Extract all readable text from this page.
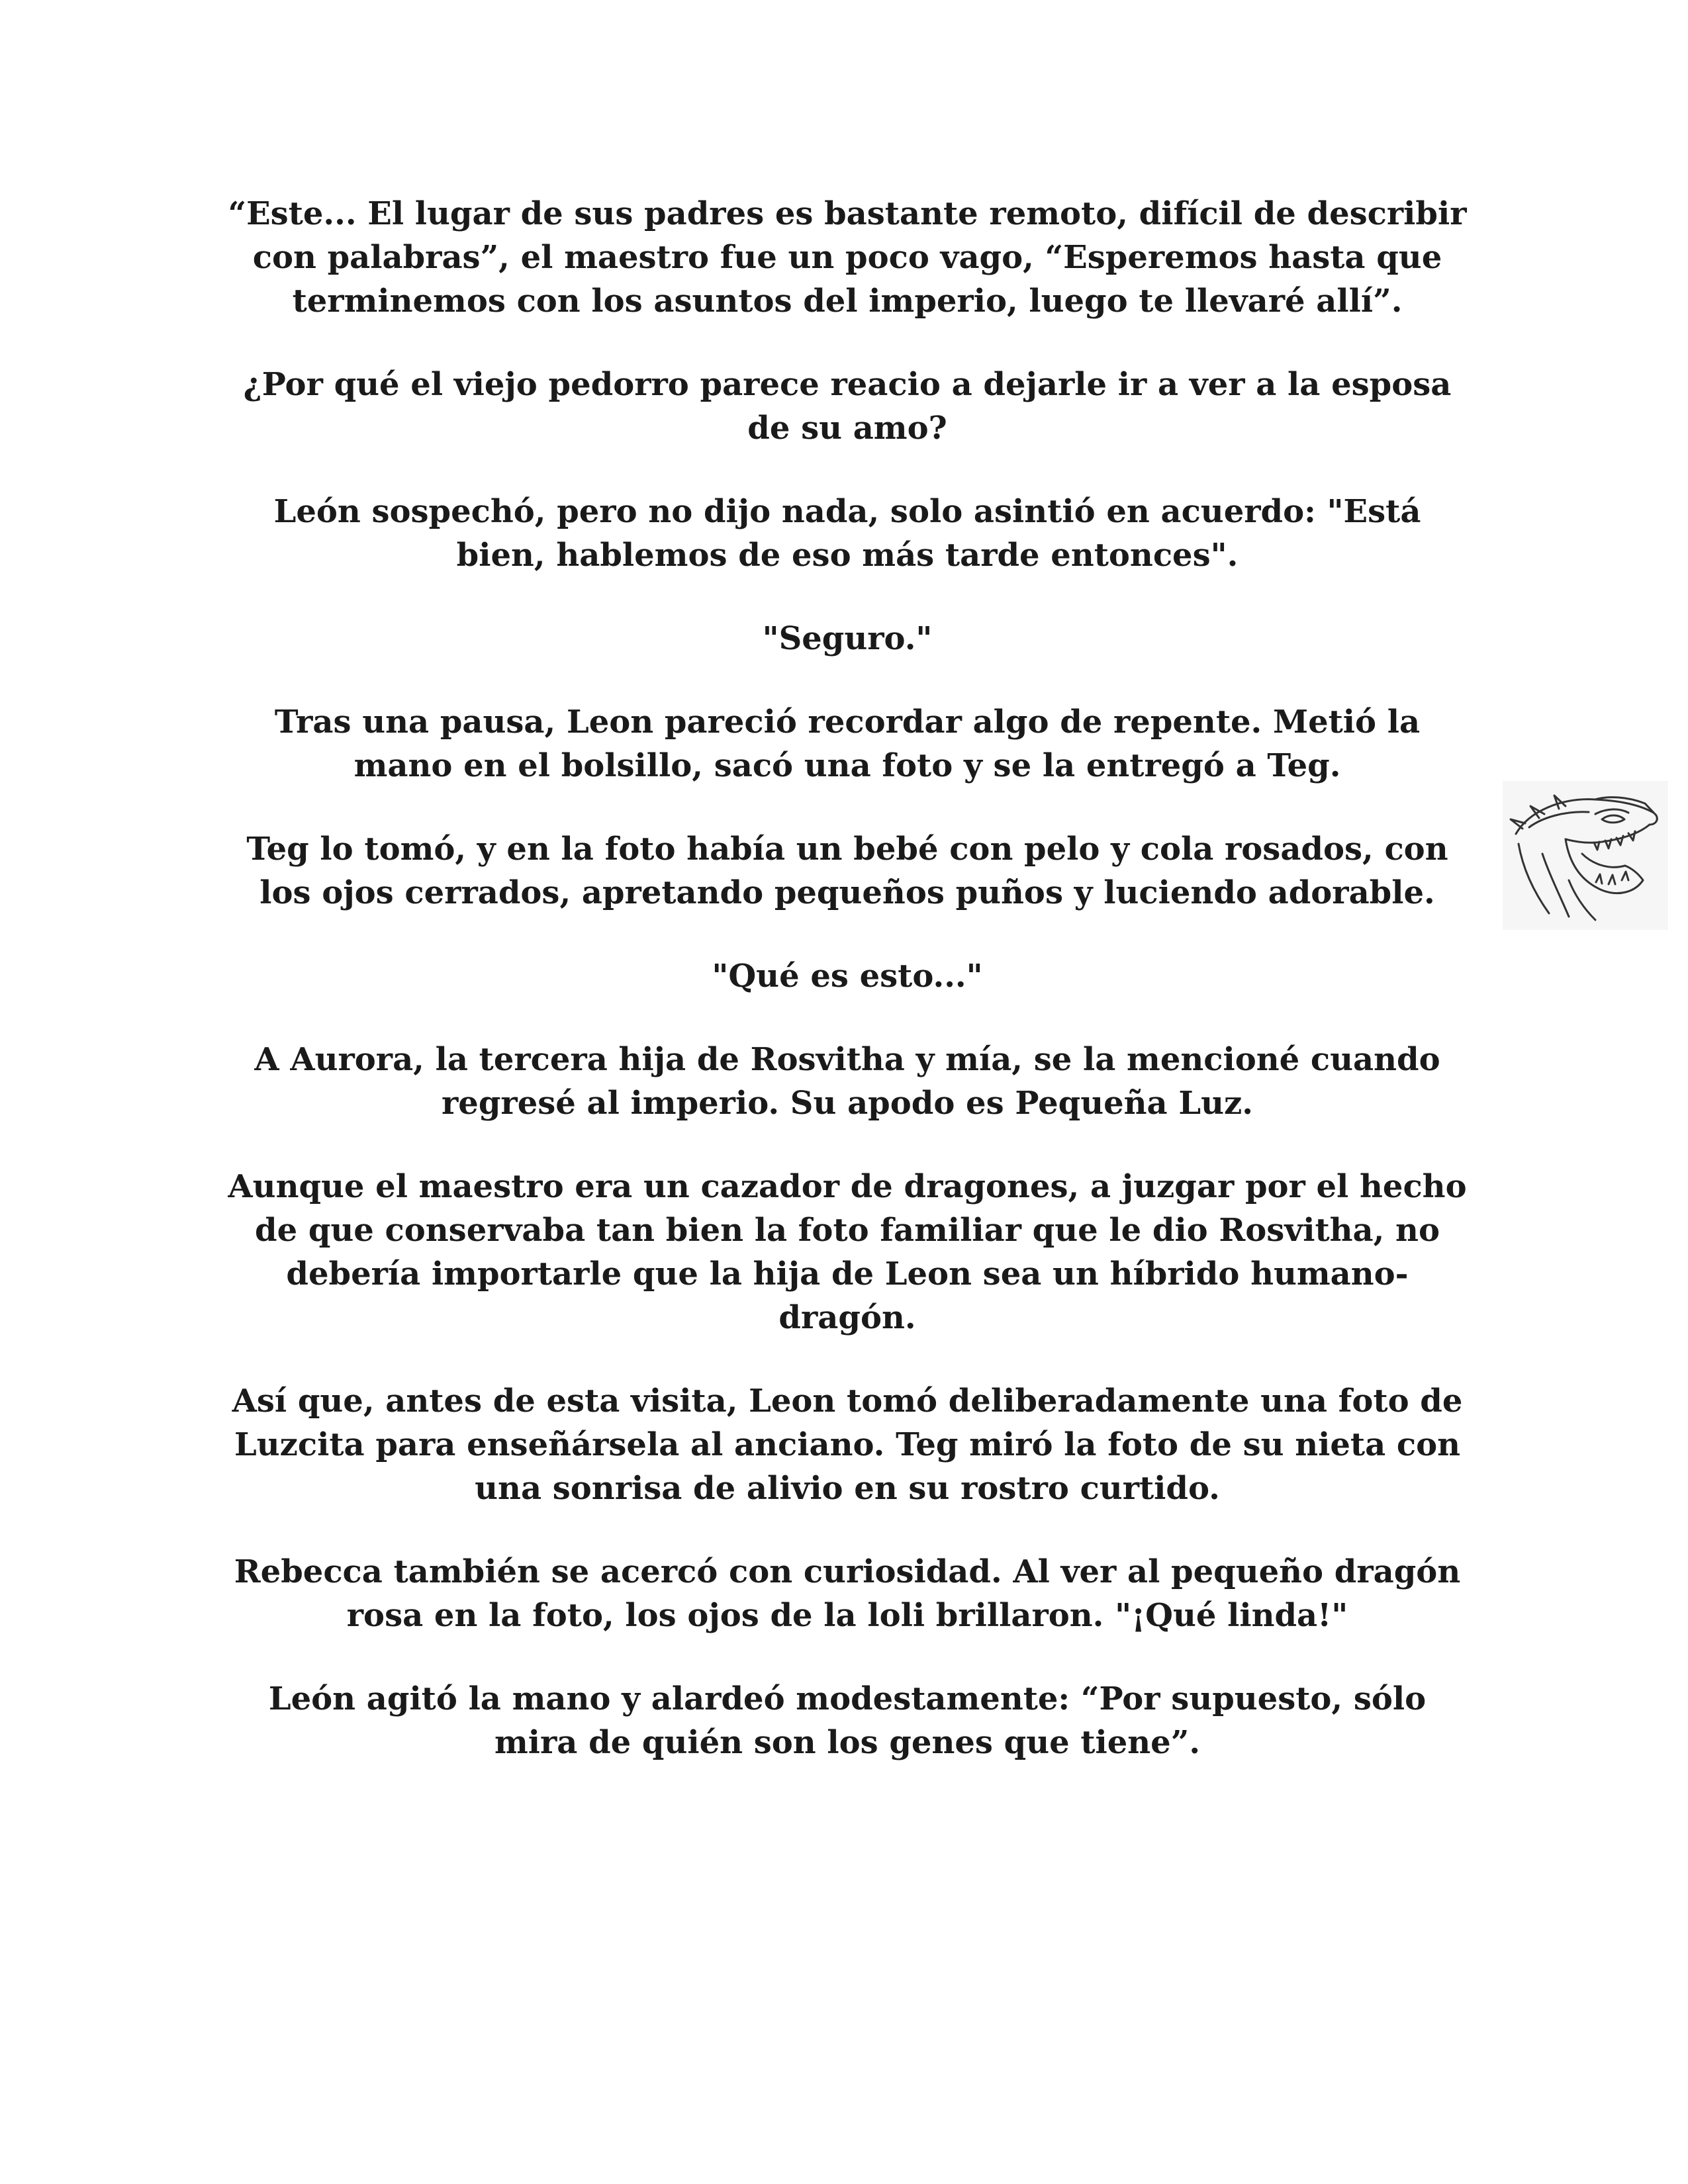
“Este... El lugar de sus padres es bastante remoto, difícil de describir con palabras”, el maestro fue un poco vago, “Esperemos hasta que terminemos con los asuntos del imperio, luego te llevaré allí”.

¿Por qué el viejo pedorro parece reacio a dejarle ir a ver a la esposa de su amo?

León sospechó, pero no dijo nada, solo asintió en acuerdo: "Está bien, hablemos de eso más tarde entonces".

"Seguro."

Tras una pausa, Leon pareció recordar algo de repente. Metió la mano en el bolsillo, sacó una foto y se la entregó a Teg.

Teg lo tomó, y en la foto había un bebé con pelo y cola rosados, con los ojos cerrados, apretando pequeños puños y luciendo adorable.

"Qué es esto..."

A Aurora, la tercera hija de Rosvitha y mía, se la mencioné cuando regresé al imperio. Su apodo es Pequeña Luz.

Aunque el maestro era un cazador de dragones, a juzgar por el hecho de que conservaba tan bien la foto familiar que le dio Rosvitha, no debería importarle que la hija de Leon sea un híbrido humano-dragón.

Así que, antes de esta visita, Leon tomó deliberadamente una foto de Luzcita para enseñársela al anciano. Teg miró la foto de su nieta con una sonrisa de alivio en su rostro curtido.

Rebecca también se acercó con curiosidad. Al ver al pequeño dragón rosa en la foto, los ojos de la loli brillaron. "¡Qué linda!"

León agitó la mano y alardeó modestamente: “Por supuesto, sólo mira de quién son los genes que tiene”.
